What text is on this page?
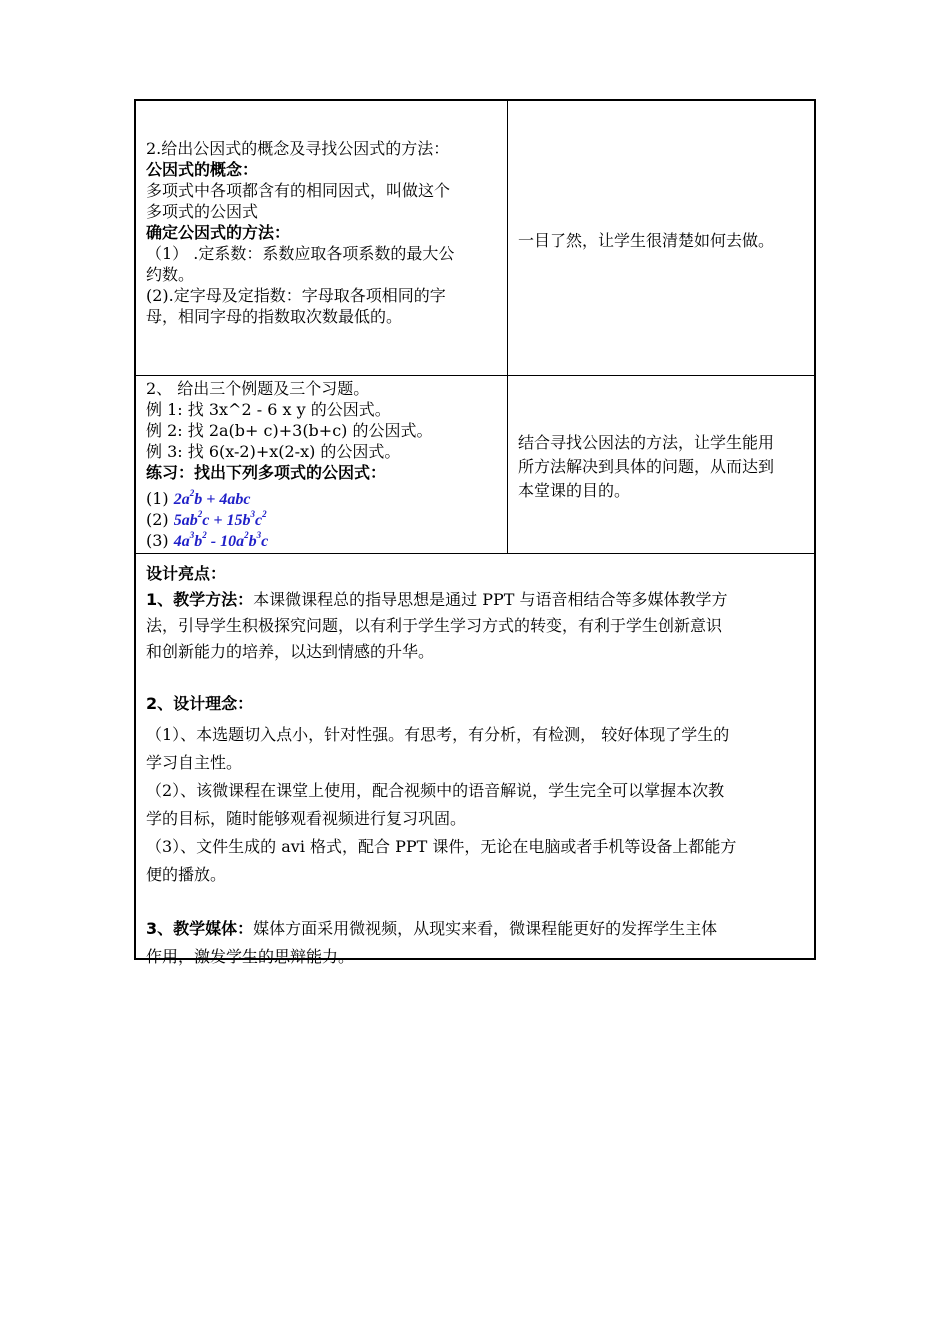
2.给出公因式的概念及寻找公因式的方法：
公因式的概念：
多项式中各项都含有的相同因式，叫做这个
多项式的公因式
确定公因式的方法：
（1） .定系数：系数应取各项系数的最大公
约数。
(2).定字母及定指数：字母取各项相同的字
母，相同字母的指数取次数最低的。
一目了然，让学生很清楚如何去做。
2、 给出三个例题及三个习题。
例 1: 找 3x^2 - 6 x y 的公因式。
例 2: 找 2a(b+ c)+3(b+c) 的公因式。
例 3: 找 6(x-2)+x(2-x) 的公因式。
练习：找出下列多项式的公因式：
(1) $2a^2b + 4abc$
(2) $5ab^2c + 15b^3c^2$
(3) $4a^3b^2 - 10a^2b^3c$
结合寻找公因法的方法，让学生能用
所方法解决到具体的问题，从而达到
本堂课的目的。
设计亮点：
1、教学方法：本课微课程总的指导思想是通过 PPT 与语音相结合等多媒体教学方
法，引导学生积极探究问题，以有利于学生学习方式的转变，有利于学生创新意识
和创新能力的培养，以达到情感的升华。
2、设计理念：
（1）、本选题切入点小，针对性强。有思考，有分析，有检测， 较好体现了学生的
学习自主性。
（2）、该微课程在课堂上使用，配合视频中的语音解说，学生完全可以掌握本次教
学的目标，随时能够观看视频进行复习巩固。
（3）、文件生成的 avi 格式，配合 PPT 课件，无论在电脑或者手机等设备上都能方
便的播放。
3、教学媒体：媒体方面采用微视频，从现实来看，微课程能更好的发挥学生主体
作用，激发学生的思辩能力。
